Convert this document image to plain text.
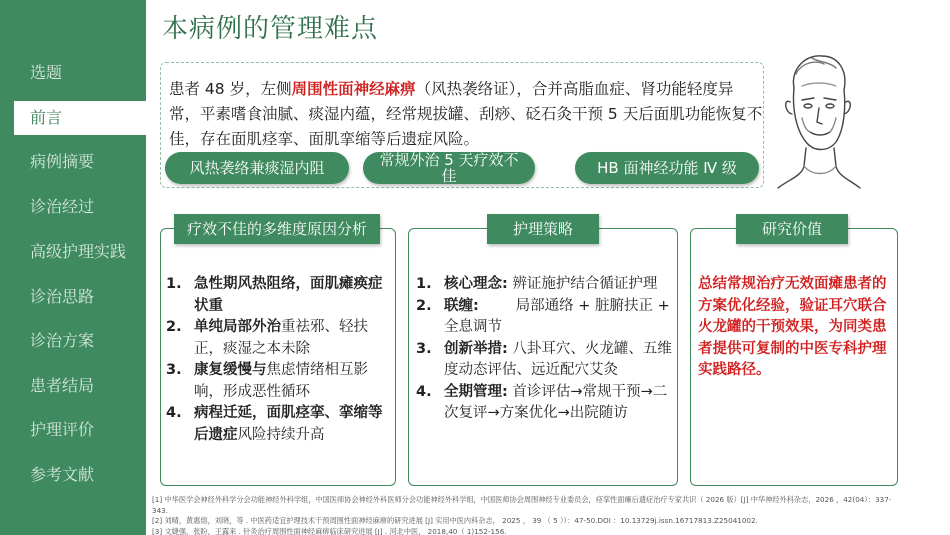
选题
前言
病例摘要
诊治经过
高级护理实践
诊治思路
诊治方案
患者结局
护理评价
参考文献
本病例的管理难点
患者 48 岁，左侧周围性面神经麻痹（风热袭络证），合并高脂血症、肾功能轻度异常，平素嗜食油腻、痰湿内蕴，经常规拔罐、刮痧、砭石灸干预 5 天后面肌功能恢复不佳，存在面肌痉挛、面肌挛缩等后遗症风险。
风热袭络兼痰湿内阻	常规外治 5 天疗效不佳	HB 面神经功能 Ⅳ 级
疗效不佳的多维度原因分析
1. 急性期风热阻络，面肌瘫痪症状重
2. 单纯局部外治重祛邪、轻扶正，痰湿之本未除
3. 康复缓慢与焦虑情绪相互影响，形成恶性循环
4. 病程迁延，面肌痉挛、挛缩等后遗症风险持续升高
护理策略
1. 核心理念: 辨证施护结合循证护理
2. 联缠:        局部通络 + 脏腑扶正 + 全息调节
3. 创新举措: 八卦耳穴、火龙罐、五维度动态评估、远近配穴艾灸
4. 全期管理: 首诊评估→常规干预→二次复评→方案优化→出院随访
研究价值
总结常规治疗无效面瘫患者的方案优化经验，验证耳穴联合火龙罐的干预效果，为同类患者提供可复制的中医专科护理实践路径。
[1] 中华医学会神经外科学分会功能神经外科学组，中国医师协会神经外科医师分会功能神经外科学组，中国医师协会周围神经专业委员会，痉挛性面瘫后遗症治疗专家共识（ 2026 版）[J] 中华神经外科杂志，2026 ，42(04）：337-343.
[2] 刘晴，黄惠熔，刘晓，等 . 中医药适宜护理技术干预周围性面神经麻痹的研究进展 [J] 实用中医内科杂志， 2025 ， 39 （ 5 ））：47-50.DOI ：10.13729j.issn.16717813.Z25041002.
[3] 文婕强，张盼，王露来 . 针灸治疗周围性面神经麻痹临床研究进展 [J] . 河北中医， 2018,40（ 1)152-156.
